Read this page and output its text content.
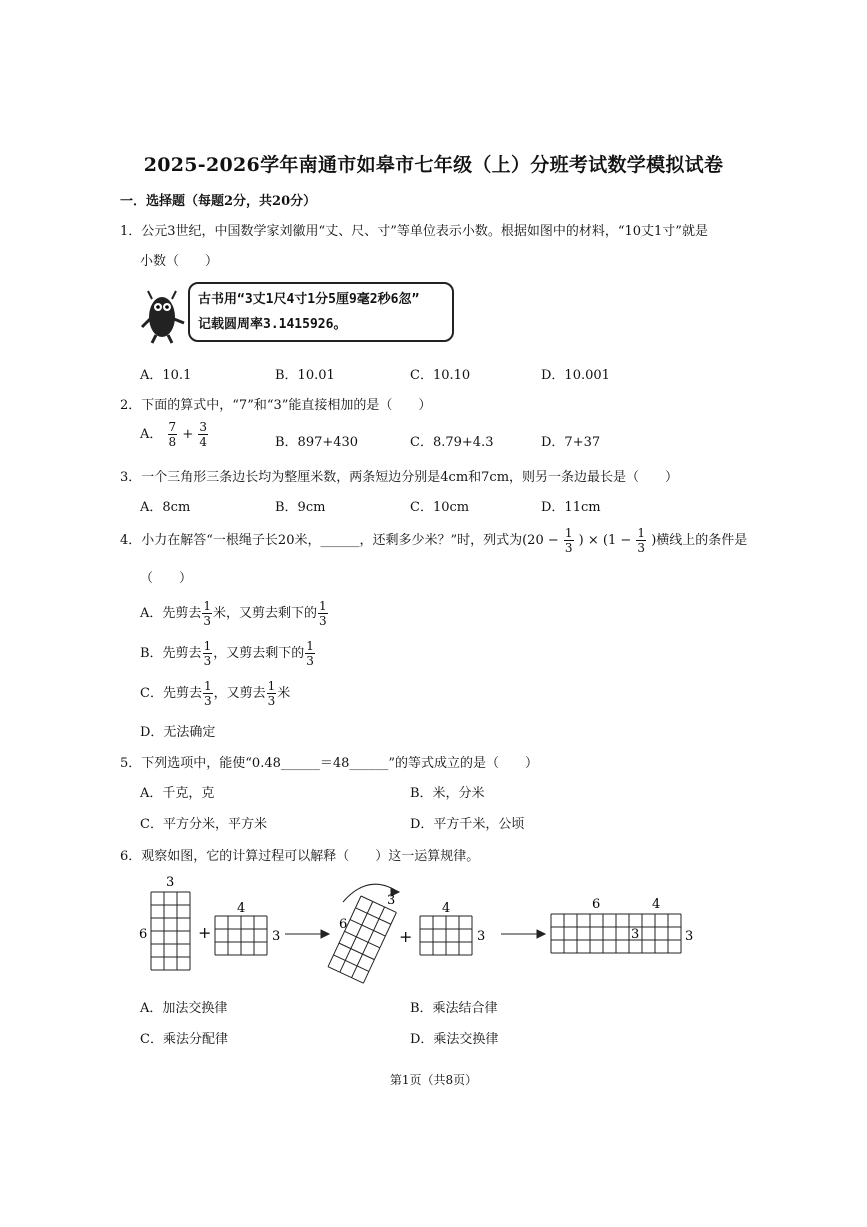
2025-2026学年南通市如皋市七年级（上）分班考试数学模拟试卷
一．选择题（每题2分，共20分）
1．公元3世纪，中国数学家刘徽用“丈、尺、寸”等单位表示小数。根据如图中的材料，“10丈1寸”就是
小数（　　）
古书用“3丈1尺4寸1分5厘9毫2秒6忽”
记载圆周率3.1415926。
A．10.1	B．10.01	C．10.10	D．10.001
2．下面的算式中，“7”和“3”能直接相加的是（　　）
A． $\frac{7}{8} + \frac{3}{4}$	B．897+430	C．8.79+4.3	D．7+37
3．一个三角形三条边长均为整厘米数，两条短边分别是4cm和7cm，则另一条边最长是（　　）
A．8cm	B．9cm	C．10cm	D．11cm
4．小力在解答“一根绳子长20米，______，还剩多少米？”时，列式为($20 - \frac{1}{3}$ ) × ($1 - \frac{1}{3}$ )横线上的条件是
（　　）
A．先剪去 $\frac{1}{3}$ 米，又剪去剩下的 $\frac{1}{3}$
B．先剪去 $\frac{1}{3}$ ，又剪去剩下的 $\frac{1}{3}$
C．先剪去 $\frac{1}{3}$ ，又剪去 $\frac{1}{3}$ 米
D．无法确定
5．下列选项中，能使“0.48______＝48______”的等式成立的是（　　）
A．千克，克	B．米，分米
C．平方分米，平方米	D．平方千米，公顷
6．观察如图，它的计算过程可以解释（　　）这一运算规律。
3
6
4
3
+	+
3
6
4
3
6	4
3	3
A．加法交换律	B．乘法结合律
C．乘法分配律	D．乘法交换律
第1页（共8页）
